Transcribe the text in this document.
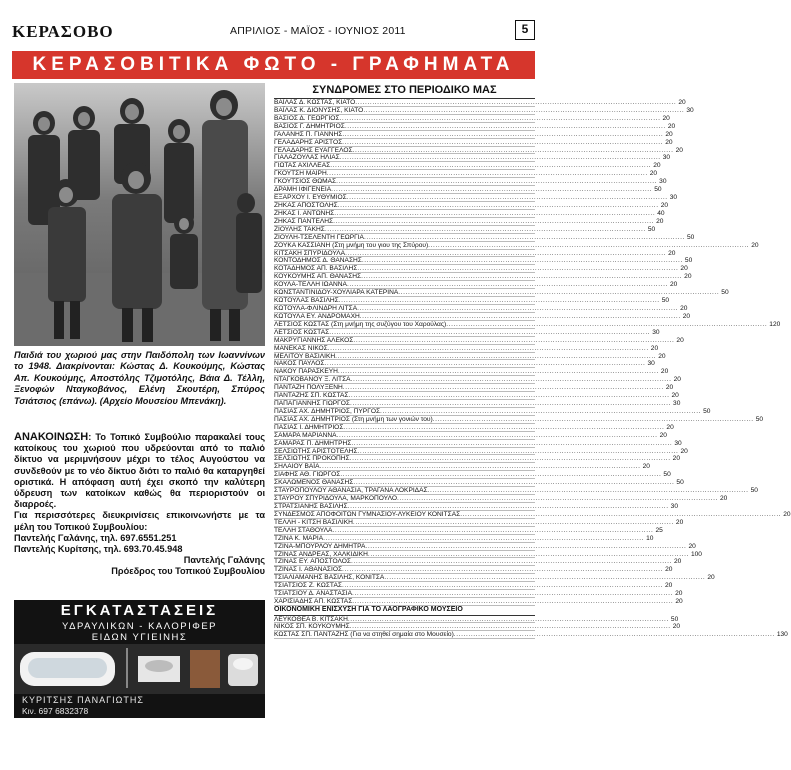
ΚΕΡΑΣΟΒΟ	ΑΠΡΙΛΙΟΣ - ΜΑΪΟΣ - ΙΟΥΝΙΟΣ 2011	5
ΚΕΡΑΣΟΒΙΤΙΚΑ ΦΩΤΟ - ΓΡΑΦΗΜΑΤΑ
Παιδιά του χωριού μας στην Παιδόπολη των Ιωαννίνων το 1948. Διακρίνονται: Κώστας Δ. Κουκούμης, Κώστας Απ. Κουκούμης, Αποστόλης Τζιμοτόλης, Βάια Δ. Τέλλη, Ξενοφών Νταγκοβάνος, Ελένη Σκουτέρη, Σπύρος Τσιάτσιος (επάνω). (Αρχείο Μουσείου Μπενάκη).

ΑΝΑΚΟΙΝΩΣΗ: Το Τοπικό Συμβούλιο παρακαλεί τους κατοίκους του χωριού που υδρεύονται από το παλιό δίκτυο να μεριμνήσουν μέχρι το τέλος Αυγούστου να συνδεθούν με το νέο δίκτυο διότι το παλιό θα καταργηθεί οριστικά. Η απόφαση αυτή έχει σκοπό την καλύτερη ύδρευση των κατοίκων καθώς θα περιοριστούν οι διαρροές.

Για περισσότερες διευκρινίσεις επικοινωνήστε με τα μέλη του Τοπικού Συμβουλίου:

Παντελής Γαλάνης, τηλ. 697.6551.251

Παντελής Κυρίτσης, τηλ. 693.70.45.948

Παντελής Γαλάνης

Πρόεδρος του Τοπικού Συμβουλίου

ΕΓΚΑΤΑΣΤΑΣΕΙΣ
ΥΔΡΑΥΛΙΚΩΝ - ΚΑΛΟΡΙΦΕΡ
ΕΙΔΩΝ ΥΓΙΕΙΝΗΣ
ΚΥΡΙΤΣΗΣ ΠΑΝΑΓΙΩΤΗΣ
Κιν. 697 6832378
ΣΥΝΔΡΟΜΕΣ ΣΤΟ ΠΕΡΙΟΔΙΚΟ ΜΑΣ
ΒΑΪΛΑΣ Δ. ΚΩΣΤΑΣ, ΚΙΑΤΟ .....	20
ΒΑΪΛΑΣ Κ. ΔΙΟΝΥΣΗΣ, ΚΙΑΤΟ .....	30
ΒΑΣΙΟΣ Δ. ΓΕΩΡΓΙΟΣ .....	20
ΒΑΣΙΟΣ Γ. ΔΗΜΗΤΡΙΟΣ .....	20
ΓΑΛΑΝΗΣ Π. ΓΙΑΝΝΗΣ .....	20
ΓΕΛΑΔΑΡΗΣ ΑΡΙΣΤΟΣ .....	20
ΓΕΛΑΔΑΡΗΣ ΕΥΑΓΓΕΛΟΣ .....	20
ΓΙΑΛΑΖΟΥΛΑΣ ΗΛΙΑΣ .....	30
ΓΙΩΤΑΣ ΑΧΙΛΛΕΑΣ .....	20
ΓΚΟΥΤΣΗ ΜΑΙΡΗ .....	20
ΓΚΟΥΤΣΙΟΣ ΘΩΜΑΣ .....	30
ΔΡΑΜΗ ΙΦΙΓΕΝΕΙΑ .....	50
ΕΞΑΡΧΟΥ Ι. ΕΥΘΥΜΙΟΣ .....	30
ΖΗΚΑΣ ΑΠΟΣΤΟΛΗΣ .....	20
ΖΗΚΑΣ Ι. ΑΝΤΩΝΗΣ .....	40
ΖΗΚΑΣ ΠΑΝΤΕΛΗΣ .....	20
ΖΙΟΥΛΗΣ ΤΑΚΗΣ .....	50
ΖΙΟΥΛΗ-ΤΣΕΛΕΝΤΗ ΓΕΩΡΓΙΑ .....	50
ΖΟΥΚΑ ΚΑΣΣΙΑΝΗ (Στη μνήμη του γιου της Σπύρου) .....	20
ΚΙΤΣΑΚΗ ΣΠΥΡΙΔΟΥΛΑ .....	20
ΚΟΝΤΟΔΗΜΟΣ Δ. ΘΑΝΑΣΗΣ .....	50
ΚΟΤΑΔΗΜΟΣ ΑΠ. ΒΑΣΙΛΗΣ .....	20
ΚΟΥΚΟΥΜΗΣ ΑΠ. ΘΑΝΑΣΗΣ .....	20
ΚΟΥΛΑ-ΤΕΛΛΗ ΙΩΑΝΝΑ .....	20
ΚΩΝΣΤΑΝΤΙΝΙΔΟΥ-ΧΟΥΛΙΑΡΑ ΚΑΤΕΡΙΝΑ .....	50
ΚΩΤΟΥΛΑΣ ΒΑΣΙΛΗΣ .....	50
ΚΩΤΟΥΛΑ-ΦΛΙΝΔΡΗ ΛΙΤΣΑ .....	20
ΚΩΤΟΥΛΑ ΕΥ. ΑΝΔΡΟΜΑΧΗ .....	20
ΛΕΤΣΙΟΣ ΚΩΣΤΑΣ (Στη μνήμη της συζύγου του Χαρούλας) .....	120
ΛΕΤΣΙΟΣ ΚΩΣΤΑΣ .....	30
ΜΑΚΡΥΓΙΑΝΝΗΣ ΑΛΕΚΟΣ .....	20
ΜΑΝΕΚΑΣ ΝΙΚΟΣ .....	20
ΜΕΛΙΤΟΥ ΒΑΣΙΛΙΚΗ .....	20
ΝΑΚΟΣ ΠΑΥΛΟΣ .....	30
ΝΑΚΟΥ ΠΑΡΑΣΚΕΥΗ .....	20
ΝΤΑΓΚΟΒΑΝΟΥ Ξ. ΛΙΤΣΑ .....	20
ΠΑΝΤΑΖΗ ΠΟΛΥΞΕΝΗ .....	20
ΠΑΝΤΑΖΗΣ ΣΠ. ΚΩΣΤΑΣ .....	20
ΠΑΠΑΓΙΑΝΝΗΣ ΓΙΩΡΓΟΣ .....	30
ΠΑΣΙΑΣ ΑΧ. ΔΗΜΗΤΡΙΟΣ, ΠΥΡΓΟΣ .....	50
ΠΑΣΙΑΣ ΑΧ. ΔΗΜΗΤΡΙΟΣ (Στη μνήμη των γονιών του) .....	50
ΠΑΣΙΑΣ Ι. ΔΗΜΗΤΡΙΟΣ .....	20
ΣΑΜΑΡΑ ΜΑΡΙΑΝΝΑ .....	20
ΣΑΜΑΡΑΣ Π. ΔΗΜΗΤΡΗΣ .....	30
ΣΕΛΣΙΩΤΗΣ ΑΡΙΣΤΟΤΕΛΗΣ .....	20
ΣΕΛΣΙΩΤΗΣ ΠΡΟΚΟΠΗΣ .....	20
ΣΗΛΑΙΟΥ ΒΑΪΑ .....	20
ΣΙΑΦΗΣ ΑΘ. ΓΙΩΡΓΟΣ .....	50
ΣΚΑΛΩΜΕΝΟΣ ΘΑΝΑΣΗΣ .....	50
ΣΤΑΥΡΟΠΟΥΛΟΥ ΑΘΑΝΑΣΙΑ, ΤΡΑΓΑΝΑ ΛΟΚΡΙΔΑΣ .....	50
ΣΤΑΥΡΟΥ ΣΠΥΡΙΔΟΥΛΑ, ΜΑΡΚΟΠΟΥΛΟ .....	20
ΣΤΡΑΤΣΙΑΝΗΣ ΒΑΣΙΛΗΣ .....	30
ΣΥΝΔΕΣΜΟΣ ΑΠΟΦΟΙΤΩΝ ΓΥΜΝΑΣΙΟΥ-ΛΥΚΕΙΟΥ ΚΟΝΙΤΣΑΣ .....	20
ΤΕΛΛΗ - ΚΙΤΣΗ ΒΑΣΙΛΙΚΗ .....	20
ΤΕΛΛΗ ΣΤΑΘΟΥΛΑ .....	25
ΤΖΙΝΑ Κ. ΜΑΡΙΑ .....	10
ΤΖΙΝΑ-ΜΠΟΥΡΛΟΥ ΔΗΜΗΤΡΑ .....	20
ΤΖΙΝΑΣ ΑΝΔΡΕΑΣ, ΧΑΛΚΙΔΙΚΗ .....	100
ΤΖΙΝΑΣ ΕΥ. ΑΠΟΣΤΟΛΟΣ .....	20
ΤΖΙΝΑΣ Ι. ΑΘΑΝΑΣΙΟΣ .....	20
ΤΣΙΑΛΙΑΜΑΝΗΣ ΒΑΣΙΛΗΣ, ΚΟΝΙΤΣΑ .....	20
ΤΣΙΑΤΣΙΟΣ Ζ. ΚΩΣΤΑΣ .....	20
ΤΣΙΑΤΣΙΟΥ Δ. ΑΝΑΣΤΑΣΙΑ .....	20
ΧΑΡΙΣΙΑΔΗΣ ΑΠ. ΚΩΣΤΑΣ .....	20
ΟΙΚΟΝΟΜΙΚΗ ΕΝΙΣΧΥΣΗ ΓΙΑ ΤΟ ΛΑΟΓΡΑΦΙΚΟ ΜΟΥΣΕΙΟ
ΛΕΥΚΟΘΕΑ Β. ΚΙΤΣΑΚΗ .....	50
ΝΙΚΟΣ ΣΠ. ΚΟΥΚΟΥΜΗΣ .....	20
ΚΩΣΤΑΣ ΣΠ. ΠΑΝΤΑΖΗΣ (Για να στηθεί σημαία στο Μουσείο) .....	130
